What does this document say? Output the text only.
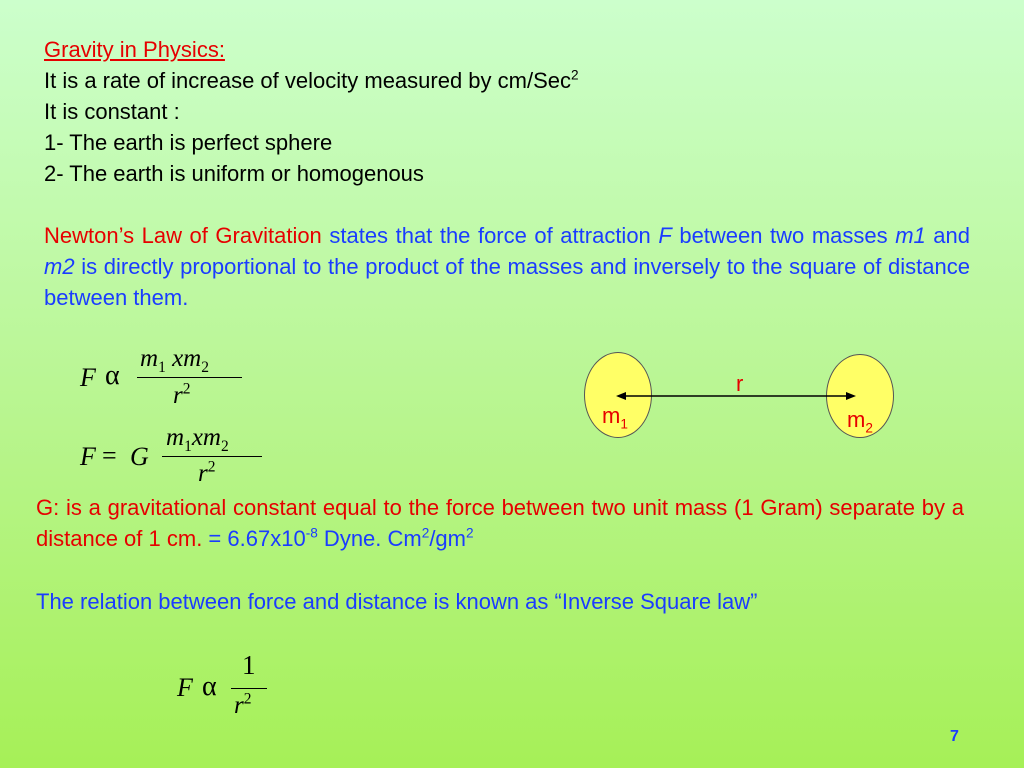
Gravity in Physics:
It is a rate of increase of velocity measured by cm/Sec$^2$
It is constant :
1- The earth is perfect sphere
2- The earth is uniform or homogenous
Newton’s Law of Gravitation states that the force of attraction F between two masses m1 and m2 is directly proportional to the product of the masses and inversely to the square of distance between them.
F α
$m_1$ $xm_2$
$r^2$
F = G
$m_1xm_2$
$r^2$
r
$m_1$	$m_2$
G: is a gravitational constant equal to the force between two unit mass (1 Gram) separate by a distance of 1 cm. = $6.67x10^{-8}$ Dyne. $Cm^2/gm^2$
The relation between force and distance is known as “Inverse Square law”
F α
1
$r^2$
7
